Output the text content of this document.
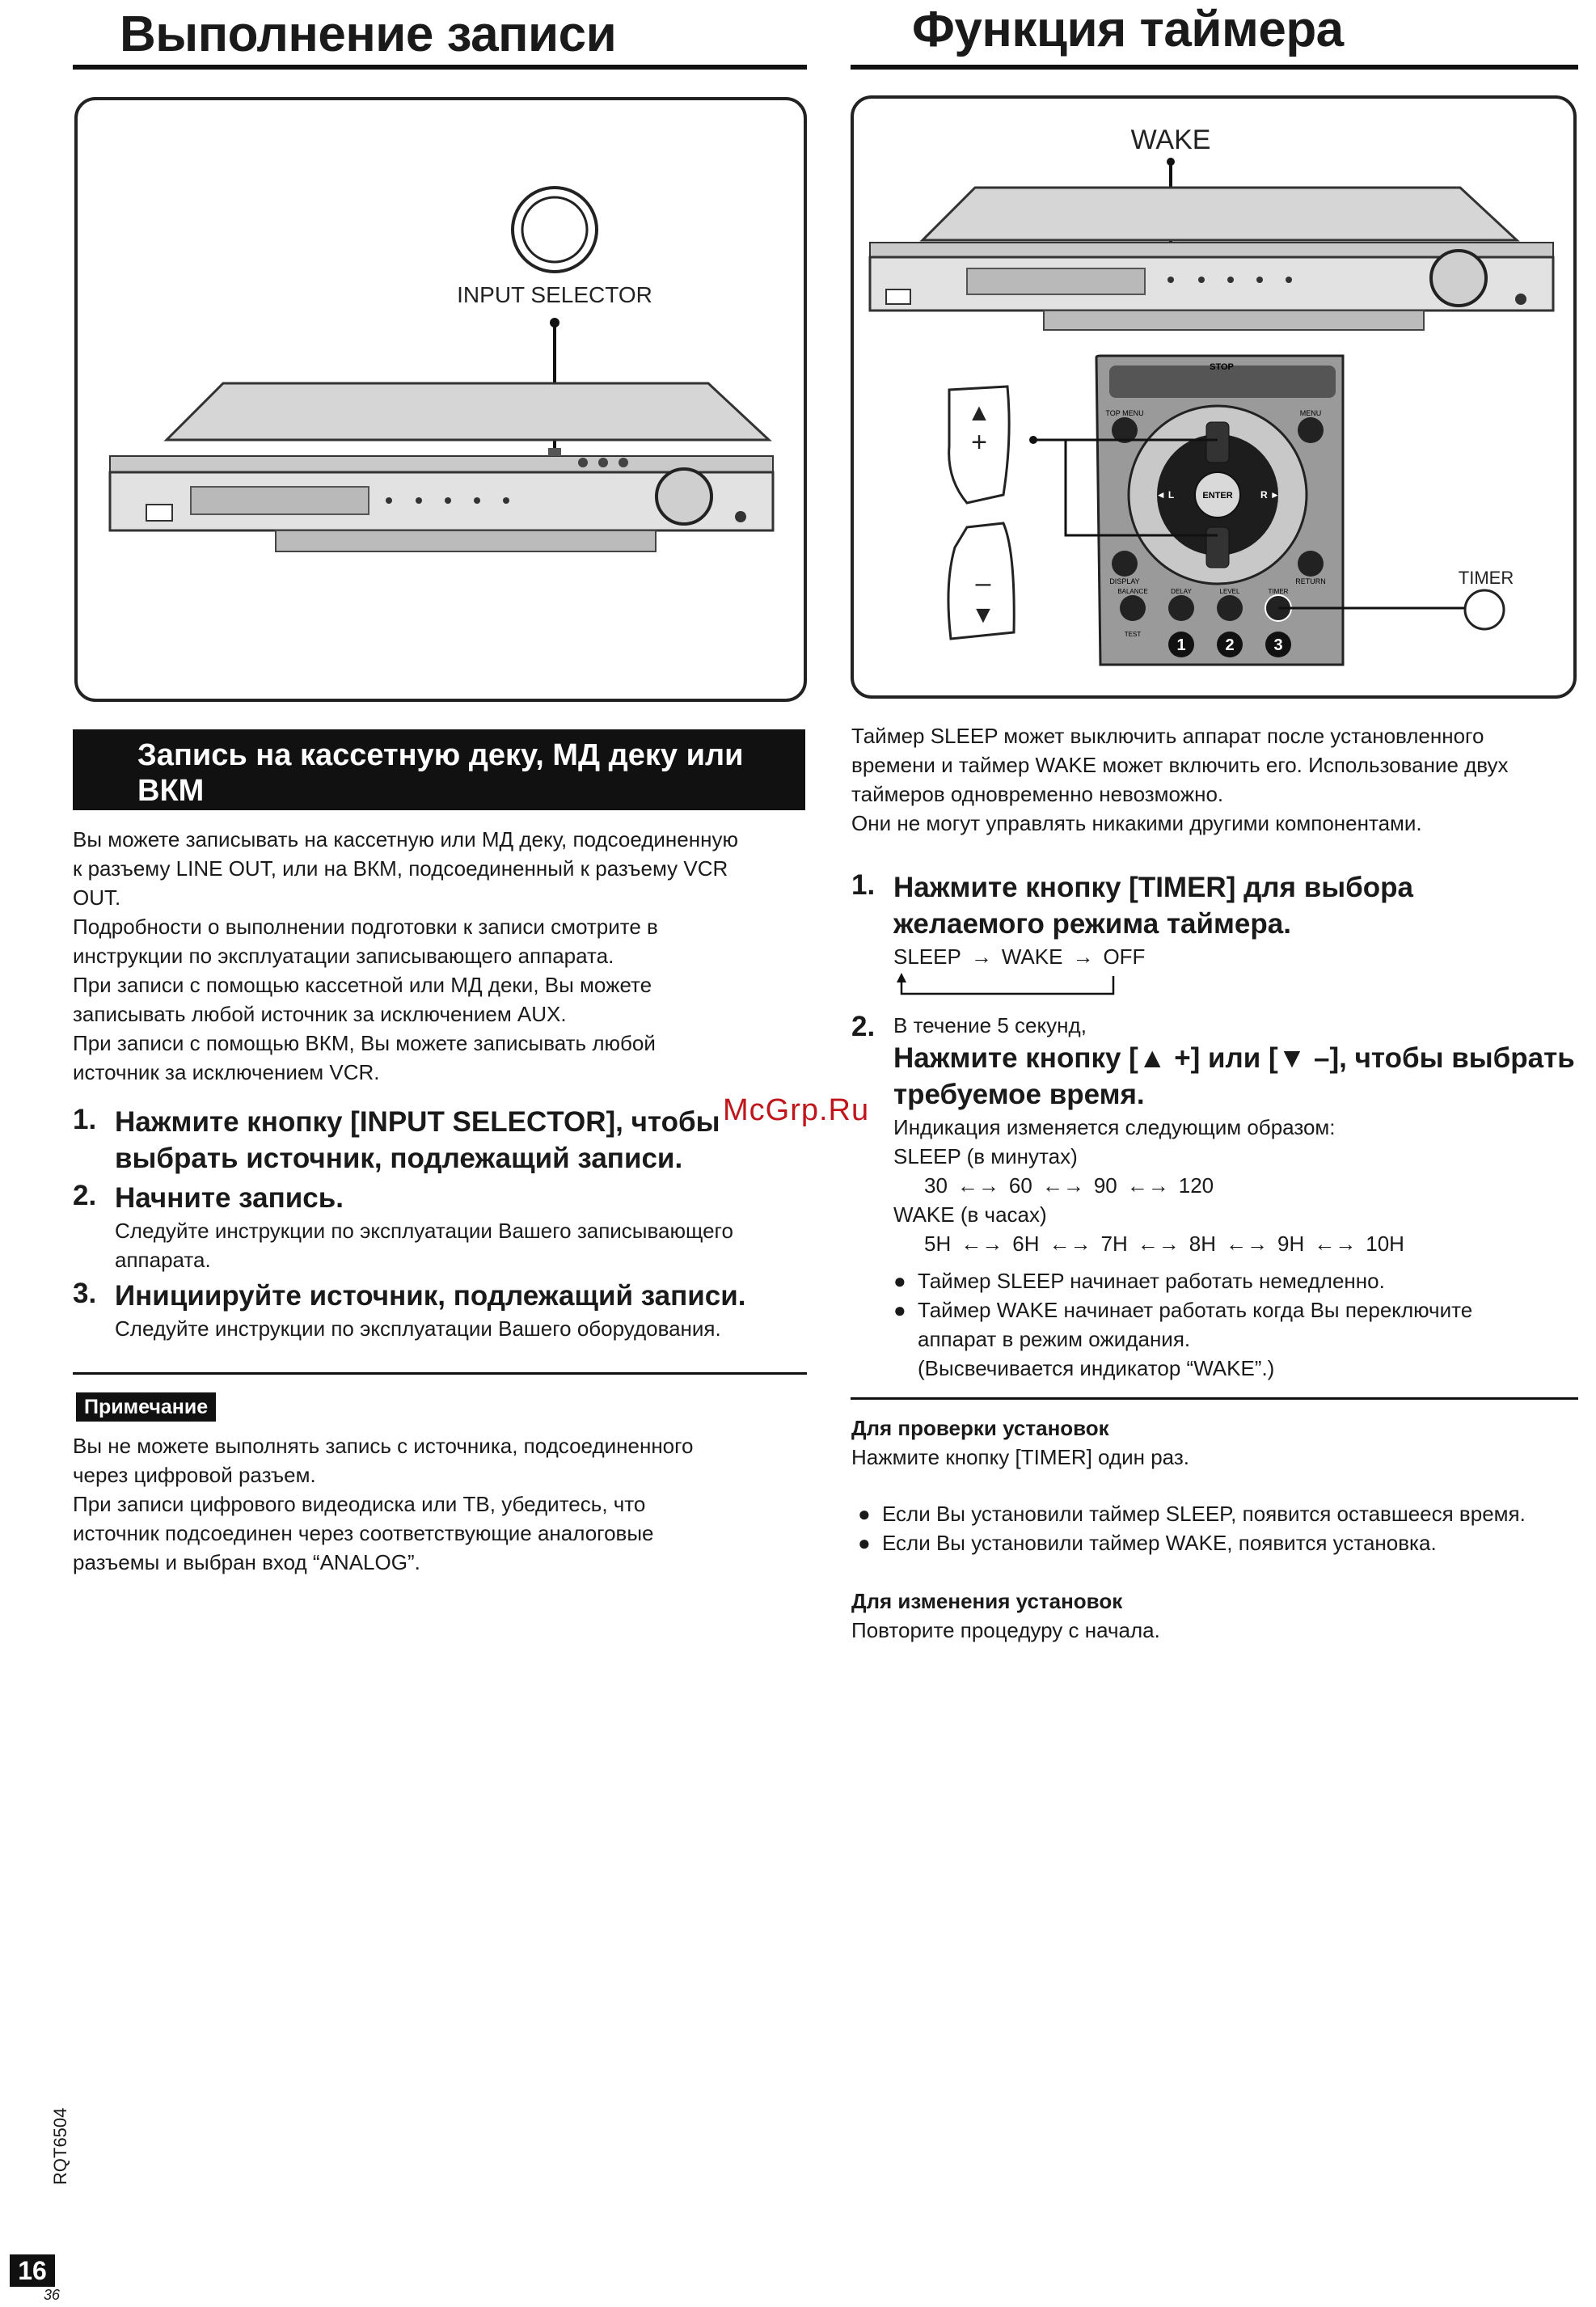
Выполнение записи
INPUT SELECTOR
Запись на кассетную деку, МД деку или ВКМ
Вы можете записывать на кассетную или МД деку, подсоединенную
к разъему LINE OUT, или на ВКМ, подсоединенный к разъему VCR
OUT.
Подробности о выполнении подготовки к записи смотрите в
инструкции по эксплуатации записывающего аппарата.
При записи с помощью кассетной или МД деки, Вы можете
записывать любой источник за исключением AUX.
При записи с помощью ВКМ, Вы можете записывать любой
источник за исключением VCR.
1. Нажмите кнопку [INPUT SELECTOR], чтобы
выбрать источник, подлежащий записи.
2. Начните запись.
Следуйте инструкции по эксплуатации Вашего записывающего
аппарата.
3. Инициируйте источник, подлежащий записи.
Следуйте инструкции по эксплуатации Вашего оборудования.
Примечание
Вы не можете выполнять запись с источника, подсоединенного
через цифровой разъем.
При записи цифрового видеодиска или ТВ, убедитесь, что
источник подсоединен через соответствующие аналоговые
разъемы и выбран вход “ANALOG”.
McGrp.Ru
Функция таймера
WAKE
▲
+
–
▼
STOP
ENTER
◄ L	R ►
TOP MENU	MENU
DISPLAY	RETURN
BALANCE	DELAY	LEVEL	TIMER
TEST
1 2 3
TIMER
Таймер SLEEP может выключить аппарат после установленного
времени и таймер WAKE может включить его. Использование двух
таймеров одновременно невозможно.
Они не могут управлять никакими другими компонентами.
1. Нажмите кнопку [TIMER] для выбора
желаемого режима таймера.
SLEEP → WAKE → OFF
2. В течение 5 секунд,
Нажмите кнопку [▲ +] или [▼ –], чтобы выбрать
требуемое время.
Индикация изменяется следующим образом:
SLEEP (в минутах)
30 ←→ 60 ←→ 90 ←→ 120
WAKE (в часах)
5H ←→ 6H ←→ 7H ←→ 8H ←→ 9H ←→ 10H
● Таймер SLEEP начинает работать немедленно.
● Таймер WAKE начинает работать когда Вы переключите
аппарат в режим ожидания.
(Высвечивается индикатор “WAKE”.)
Для проверки установок
Нажмите кнопку [TIMER] один раз.
● Если Вы установили таймер SLEEP, появится оставшееся время.
● Если Вы установили таймер WAKE, появится установка.
Для изменения установок
Повторите процедуру с начала.
RQT6504
16
36
